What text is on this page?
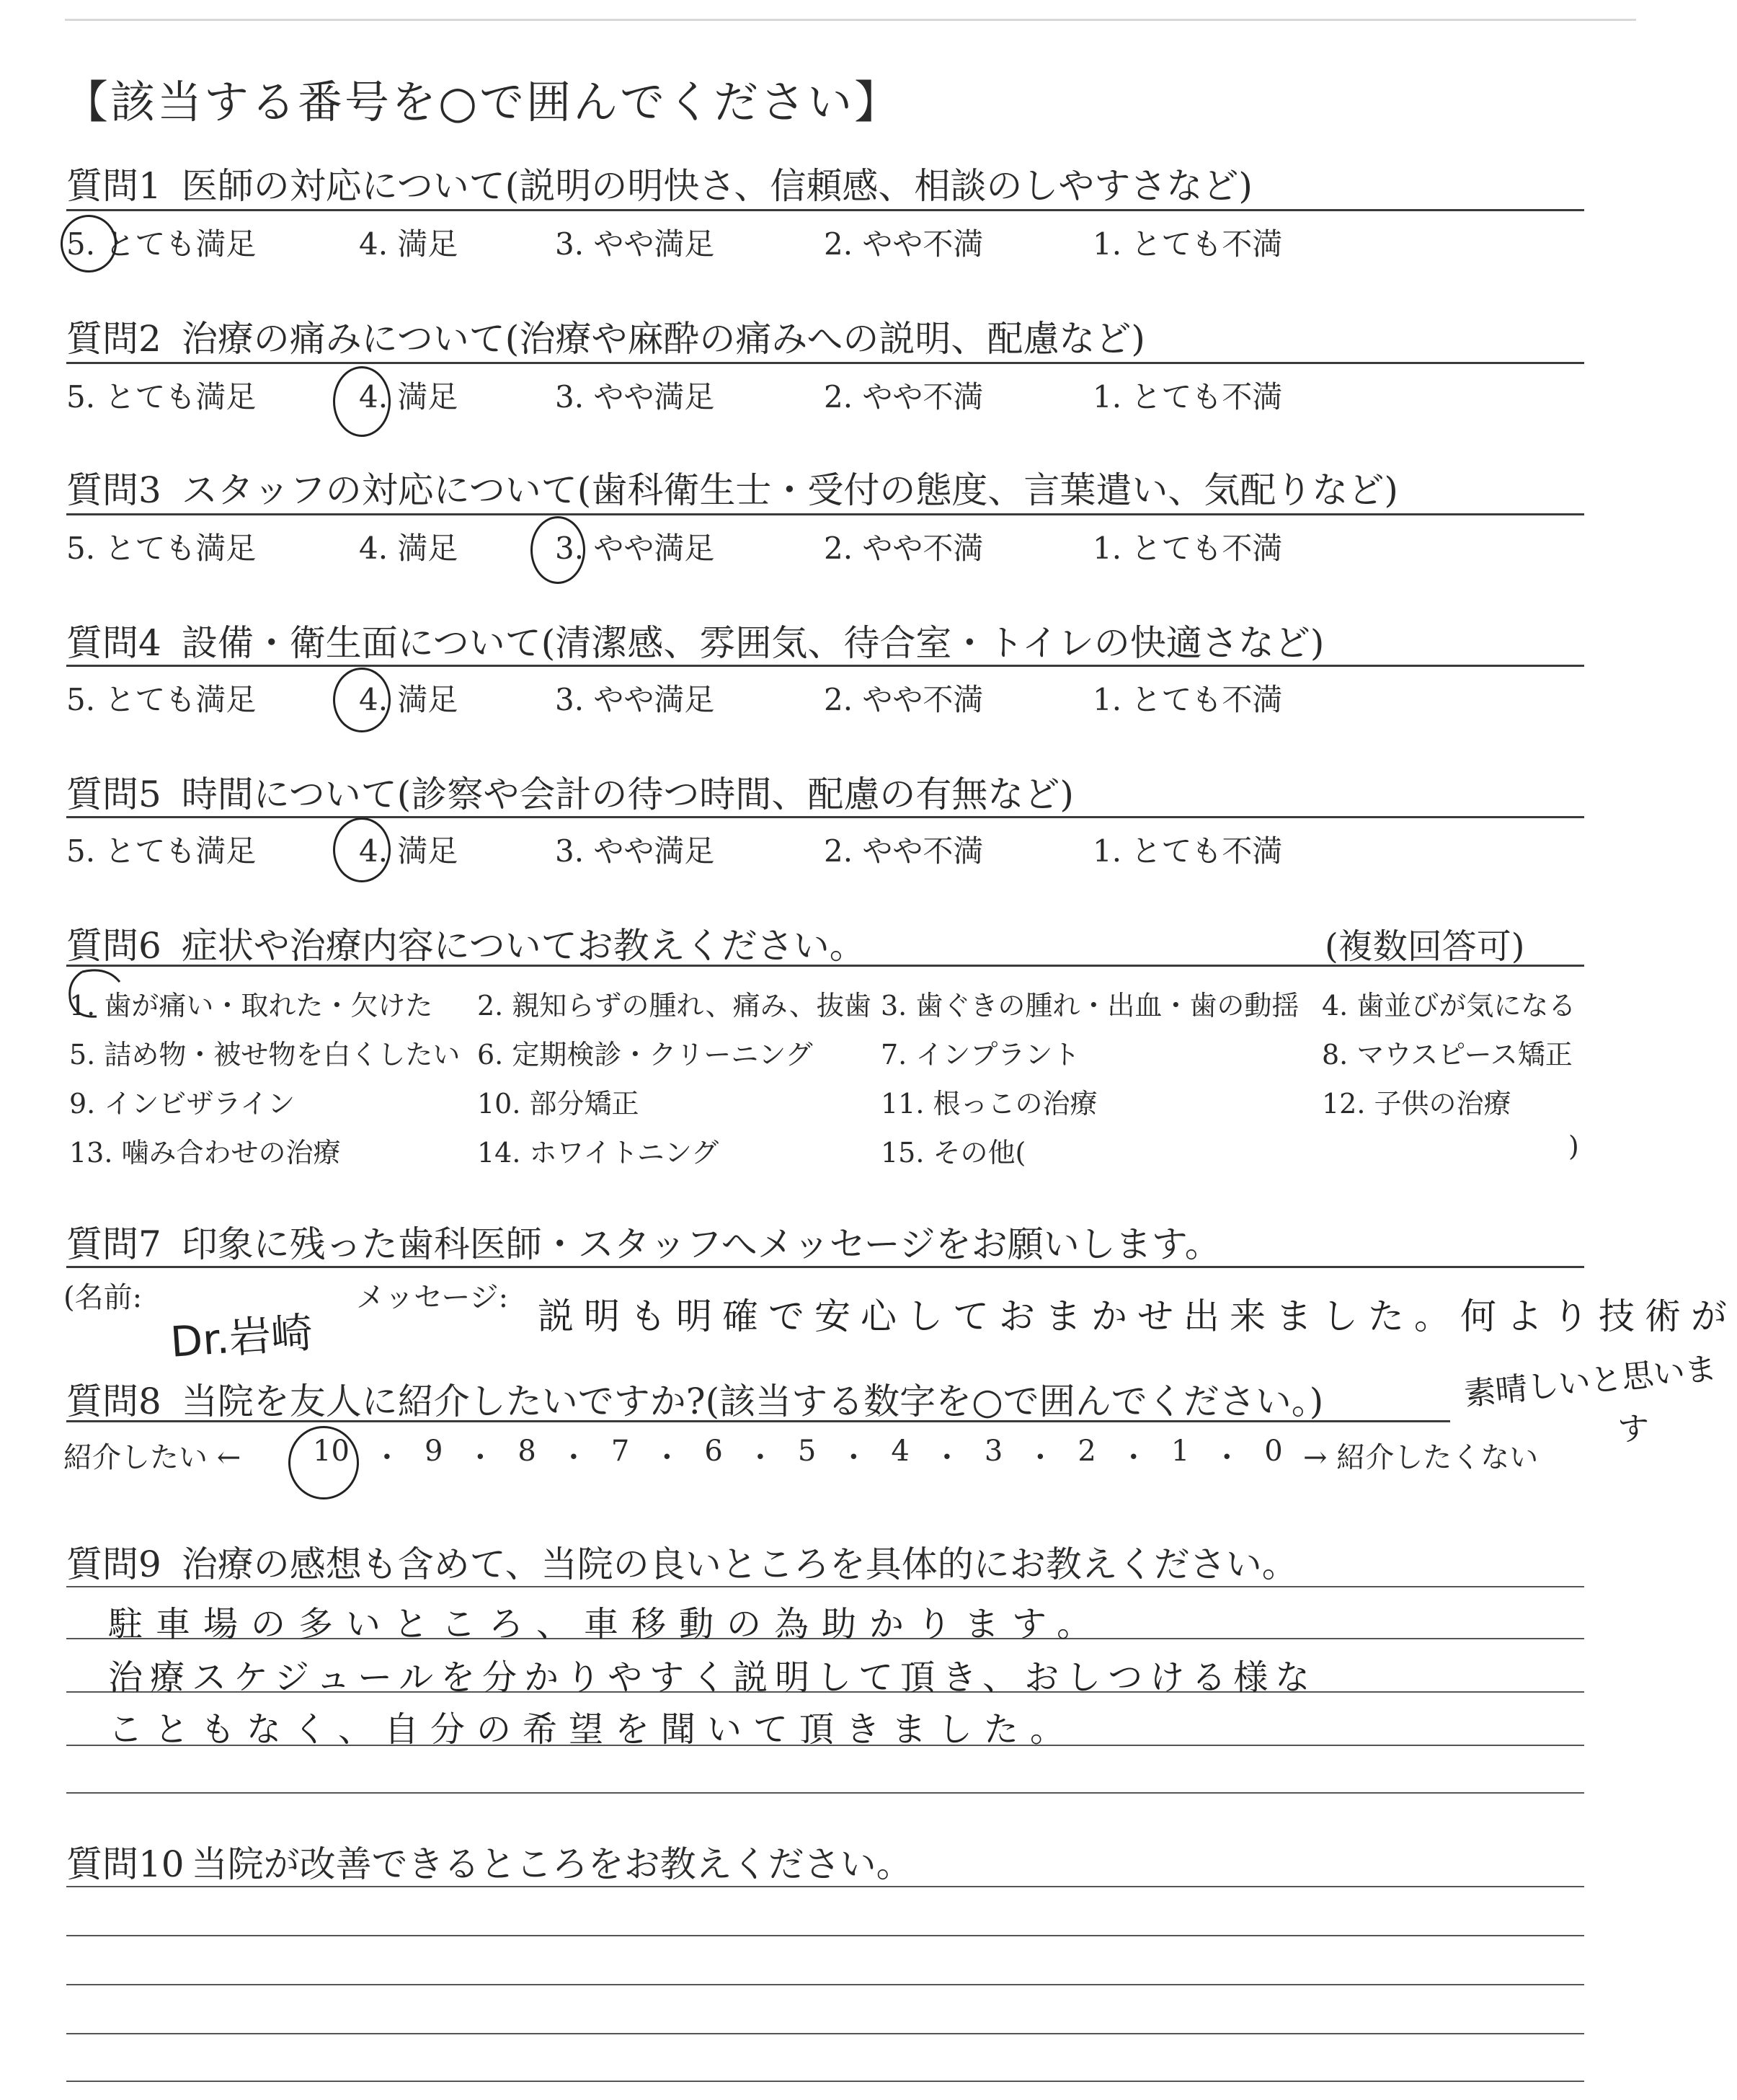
【該当する番号を○で囲んでください】
質問1 医師の対応について(説明の明快さ、信頼感、相談のしやすさなど)
5. とても満足	4. 満足	3. やや満足	2. やや不満	1. とても不満
質問2 治療の痛みについて(治療や麻酔の痛みへの説明、配慮など)
5. とても満足	4. 満足	3. やや満足	2. やや不満	1. とても不満
質問3 スタッフの対応について(歯科衛生士・受付の態度、言葉遣い、気配りなど)
5. とても満足	4. 満足	3. やや満足	2. やや不満	1. とても不満
質問4 設備・衛生面について(清潔感、雰囲気、待合室・トイレの快適さなど)
5. とても満足	4. 満足	3. やや満足	2. やや不満	1. とても不満
質問5 時間について(診察や会計の待つ時間、配慮の有無など)
5. とても満足	4. 満足	3. やや満足	2. やや不満	1. とても不満
質問6 症状や治療内容についてお教えください。	(複数回答可)
1. 歯が痛い・取れた・欠けた 2. 親知らずの腫れ、痛み、抜歯 3. 歯ぐきの腫れ・出血・歯の動揺 4. 歯並びが気になる
5. 詰め物・被せ物を白くしたい 6. 定期検診・クリーニング 7. インプラント	8. マウスピース矯正
9. インビザライン	10. 部分矯正	11. 根っこの治療	12. 子供の治療
13. 噛み合わせの治療	14. ホワイトニング	15. その他(	)
質問7 印象に残った歯科医師・スタッフへメッセージをお願いします。
(名前:	メッセージ:
Dr.岩崎	説明も明確で安心しておまかせ出来ました。何より技術が
素晴しいと思いま
す
質問8 当院を友人に紹介したいですか?(該当する数字を○で囲んでください。)
紹介したい ← 10 ・ 9 ・ 8 ・ 7 ・ 6 ・ 5 ・ 4 ・ 3 ・ 2 ・ 1 ・ 0 → 紹介したくない
質問9 治療の感想も含めて、当院の良いところを具体的にお教えください。
駐車場の多いところ、車移動の為助かります。
治療スケジュールを分かりやすく説明して頂き、おしつける様な
こともなく、自分の希望を聞いて頂きました。
質問10 当院が改善できるところをお教えください。
